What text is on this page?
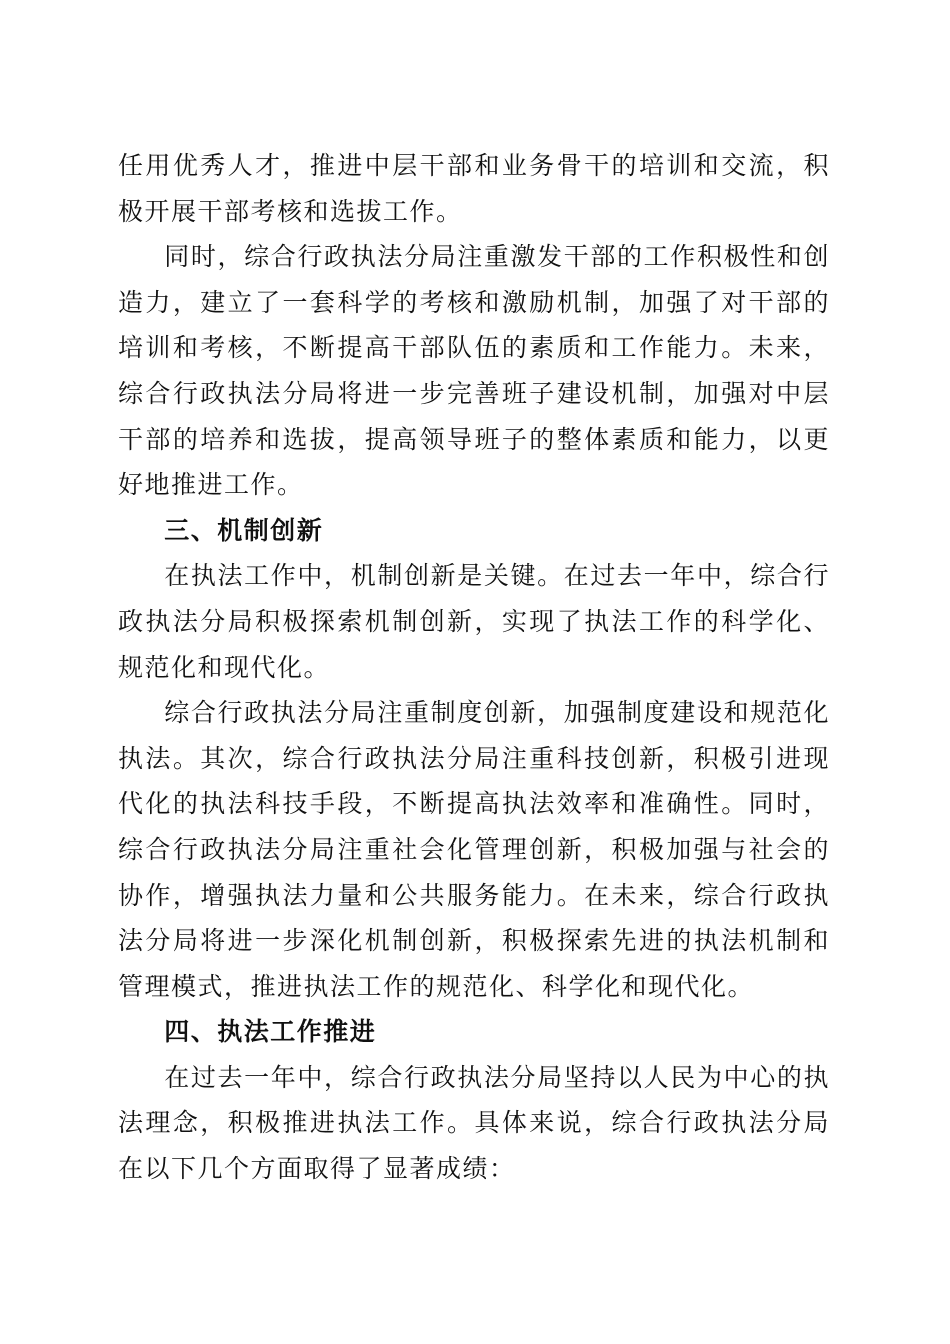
任用优秀人才，推进中层干部和业务骨干的培训和交流，积极开展干部考核和选拔工作。

同时，综合行政执法分局注重激发干部的工作积极性和创造力，建立了一套科学的考核和激励机制，加强了对干部的培训和考核，不断提高干部队伍的素质和工作能力。未来，综合行政执法分局将进一步完善班子建设机制，加强对中层干部的培养和选拔，提高领导班子的整体素质和能力，以更好地推进工作。

三、机制创新

在执法工作中，机制创新是关键。在过去一年中，综合行政执法分局积极探索机制创新，实现了执法工作的科学化、规范化和现代化。

综合行政执法分局注重制度创新，加强制度建设和规范化执法。其次，综合行政执法分局注重科技创新，积极引进现代化的执法科技手段，不断提高执法效率和准确性。同时，综合行政执法分局注重社会化管理创新，积极加强与社会的协作，增强执法力量和公共服务能力。在未来，综合行政执法分局将进一步深化机制创新，积极探索先进的执法机制和管理模式，推进执法工作的规范化、科学化和现代化。

四、执法工作推进

在过去一年中，综合行政执法分局坚持以人民为中心的执法理念，积极推进执法工作。具体来说，综合行政执法分局在以下几个方面取得了显著成绩：
